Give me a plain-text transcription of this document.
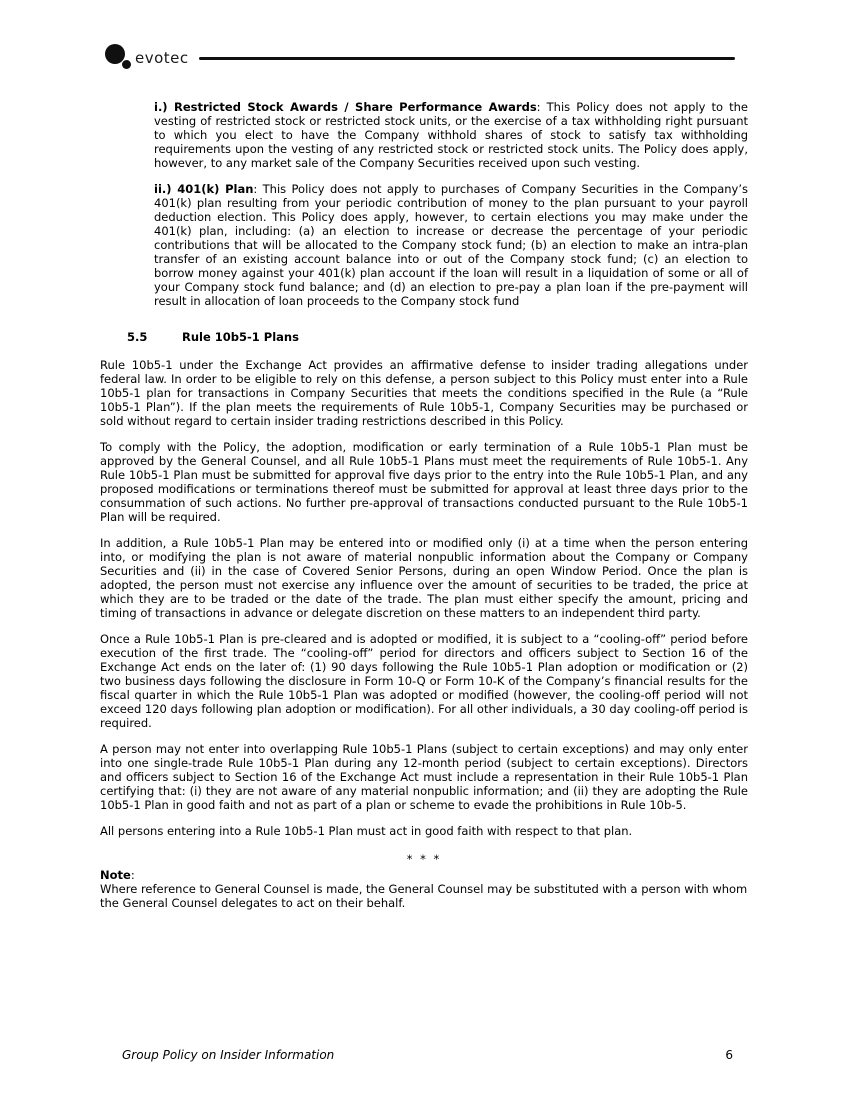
evotec

i.) Restricted Stock Awards / Share Performance Awards: This Policy does not apply to the vesting of restricted stock or restricted stock units, or the exercise of a tax withholding right pursuant to which you elect to have the Company withhold shares of stock to satisfy tax withholding requirements upon the vesting of any restricted stock or restricted stock units. The Policy does apply, however, to any market sale of the Company Securities received upon such vesting.

ii.) 401(k) Plan: This Policy does not apply to purchases of Company Securities in the Company’s 401(k) plan resulting from your periodic contribution of money to the plan pursuant to your payroll deduction election. This Policy does apply, however, to certain elections you may make under the 401(k) plan, including: (a) an election to increase or decrease the percentage of your periodic contributions that will be allocated to the Company stock fund; (b) an election to make an intra-plan transfer of an existing account balance into or out of the Company stock fund; (c) an election to borrow money against your 401(k) plan account if the loan will result in a liquidation of some or all of your Company stock fund balance; and (d) an election to pre-pay a plan loan if the pre-payment will result in allocation of loan proceeds to the Company stock fund

5.5	Rule 10b5-1 Plans

Rule 10b5-1 under the Exchange Act provides an affirmative defense to insider trading allegations under federal law. In order to be eligible to rely on this defense, a person subject to this Policy must enter into a Rule 10b5-1 plan for transactions in Company Securities that meets the conditions specified in the Rule (a “Rule 10b5-1 Plan”). If the plan meets the requirements of Rule 10b5-1, Company Securities may be purchased or sold without regard to certain insider trading restrictions described in this Policy.

To comply with the Policy, the adoption, modification or early termination of a Rule 10b5-1 Plan must be approved by the General Counsel, and all Rule 10b5-1 Plans must meet the requirements of Rule 10b5-1. Any Rule 10b5-1 Plan must be submitted for approval five days prior to the entry into the Rule 10b5-1 Plan, and any proposed modifications or terminations thereof must be submitted for approval at least three days prior to the consummation of such actions. No further pre-approval of transactions conducted pursuant to the Rule 10b5-1 Plan will be required.

In addition, a Rule 10b5-1 Plan may be entered into or modified only (i) at a time when the person entering into, or modifying the plan is not aware of material nonpublic information about the Company or Company Securities and (ii) in the case of Covered Senior Persons, during an open Window Period. Once the plan is adopted, the person must not exercise any influence over the amount of securities to be traded, the price at which they are to be traded or the date of the trade. The plan must either specify the amount, pricing and timing of transactions in advance or delegate discretion on these matters to an independent third party.

Once a Rule 10b5-1 Plan is pre-cleared and is adopted or modified, it is subject to a “cooling-off” period before execution of the first trade. The “cooling-off” period for directors and officers subject to Section 16 of the Exchange Act ends on the later of: (1) 90 days following the Rule 10b5-1 Plan adoption or modification or (2) two business days following the disclosure in Form 10-Q or Form 10-K of the Company’s financial results for the fiscal quarter in which the Rule 10b5-1 Plan was adopted or modified (however, the cooling-off period will not exceed 120 days following plan adoption or modification). For all other individuals, a 30 day cooling-off period is required.

A person may not enter into overlapping Rule 10b5-1 Plans (subject to certain exceptions) and may only enter into one single-trade Rule 10b5-1 Plan during any 12-month period (subject to certain exceptions). Directors and officers subject to Section 16 of the Exchange Act must include a representation in their Rule 10b5-1 Plan certifying that: (i) they are not aware of any material nonpublic information; and (ii) they are adopting the Rule 10b5-1 Plan in good faith and not as part of a plan or scheme to evade the prohibitions in Rule 10b-5.

All persons entering into a Rule 10b5-1 Plan must act in good faith with respect to that plan.

* * *

Note:

Where reference to General Counsel is made, the General Counsel may be substituted with a person with whom the General Counsel delegates to act on their behalf.

Group Policy on Insider Information	6
